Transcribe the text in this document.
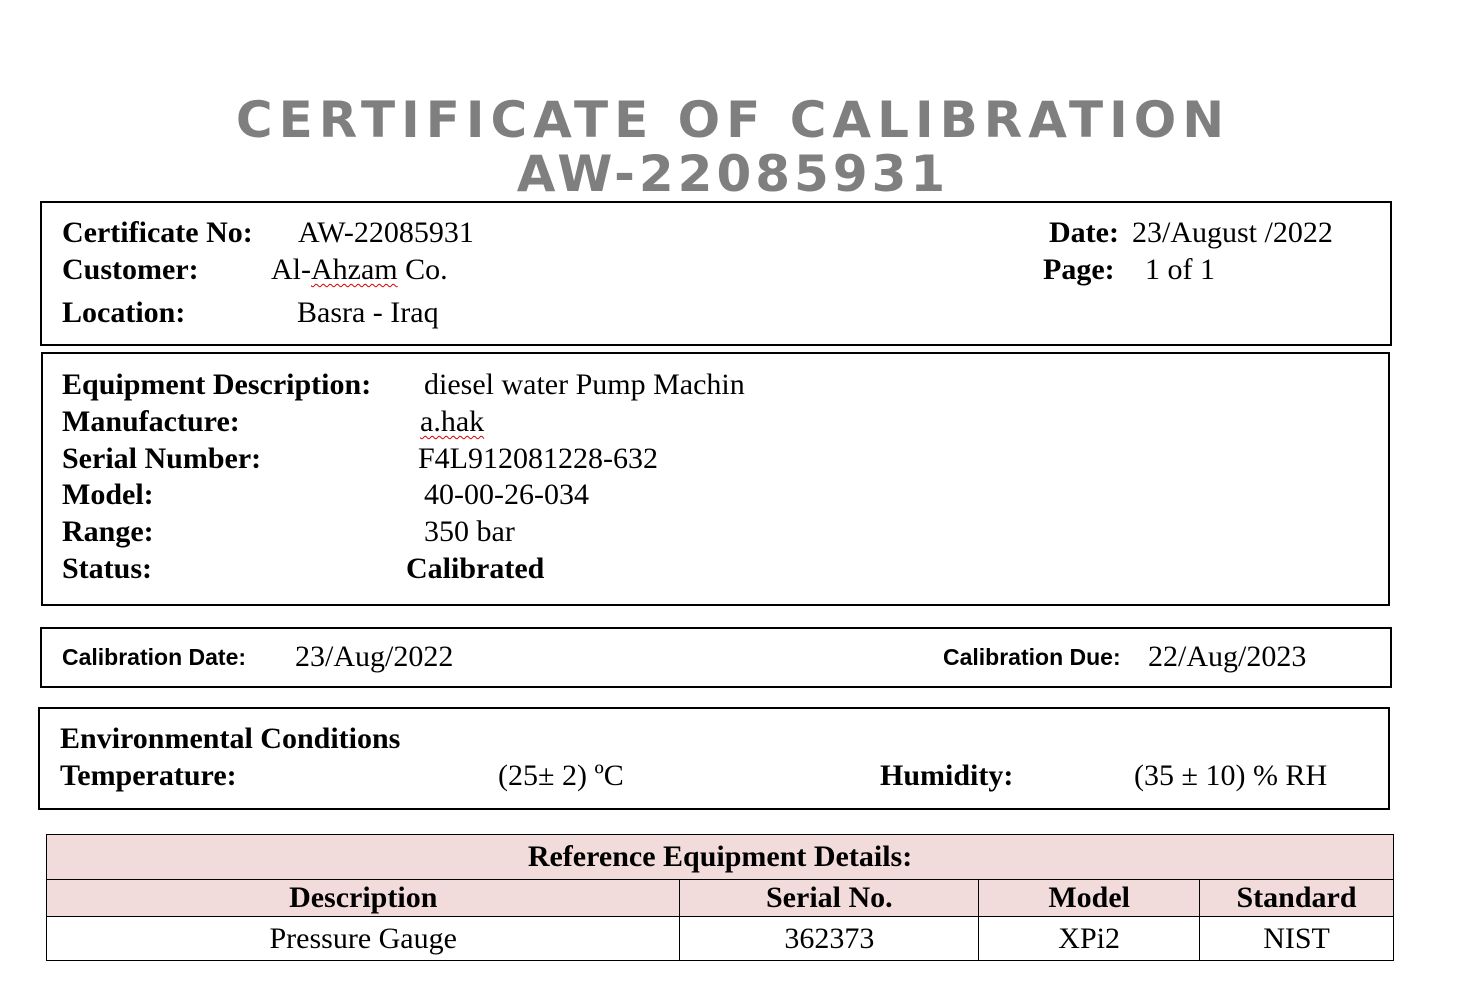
CERTIFICATE OF CALIBRATION
AW-22085931
Certificate No: AW-22085931
Customer: Al-Ahzam Co.
Location:	Basra - Iraq
Date: 23/August /2022
Page: 1 of 1
Equipment Description: diesel water Pump Machin
Manufacture:	a.hak
Serial Number:	F4L912081228-632
Model:	40-00-26-034
Range:	350 bar
Status:	Calibrated
Calibration Date: 23/Aug/2022	Calibration Due: 22/Aug/2023
Environmental Conditions
Temperature:	(25± 2) ºC	Humidity:	(35 ± 10) % RH
Reference Equipment Details:			
Description	Serial No.	Model	Standard
Pressure Gauge	362373	XPi2	NIST
